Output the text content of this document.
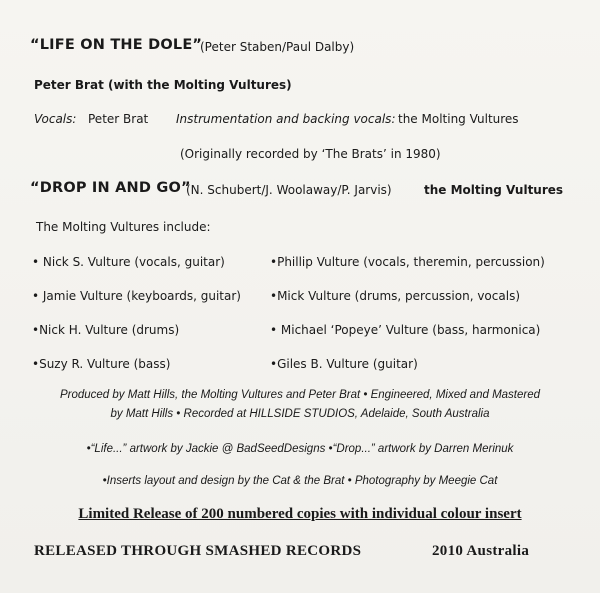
“LIFE ON THE DOLE”
(Peter Staben/Paul Dalby)
Peter Brat (with the Molting Vultures)
Vocals: Peter Brat Instrumentation and backing vocals: the Molting Vultures
(Originally recorded by ‘The Brats’ in 1980)
“DROP IN AND GO”
(N. Schubert/J. Woolaway/P. Jarvis)	the Molting Vultures
The Molting Vultures include:
• Nick S. Vulture (vocals, guitar)
• Jamie Vulture (keyboards, guitar)
•Nick H. Vulture (drums)
•Suzy R. Vulture (bass)
•Phillip Vulture (vocals, theremin, percussion)
•Mick Vulture (drums, percussion, vocals)
• Michael ‘Popeye’ Vulture (bass, harmonica)
•Giles B. Vulture (guitar)
Produced by Matt Hills, the Molting Vultures and Peter Brat • Engineered, Mixed and Mastered
by Matt Hills • Recorded at HILLSIDE STUDIOS, Adelaide, South Australia
•“Life...” artwork by Jackie @ BadSeedDesigns •“Drop...” artwork by Darren Merinuk
•Inserts layout and design by the Cat & the Brat • Photography by Meegie Cat
Limited Release of 200 numbered copies with individual colour insert
RELEASED THROUGH SMASHED RECORDS	2010 Australia
